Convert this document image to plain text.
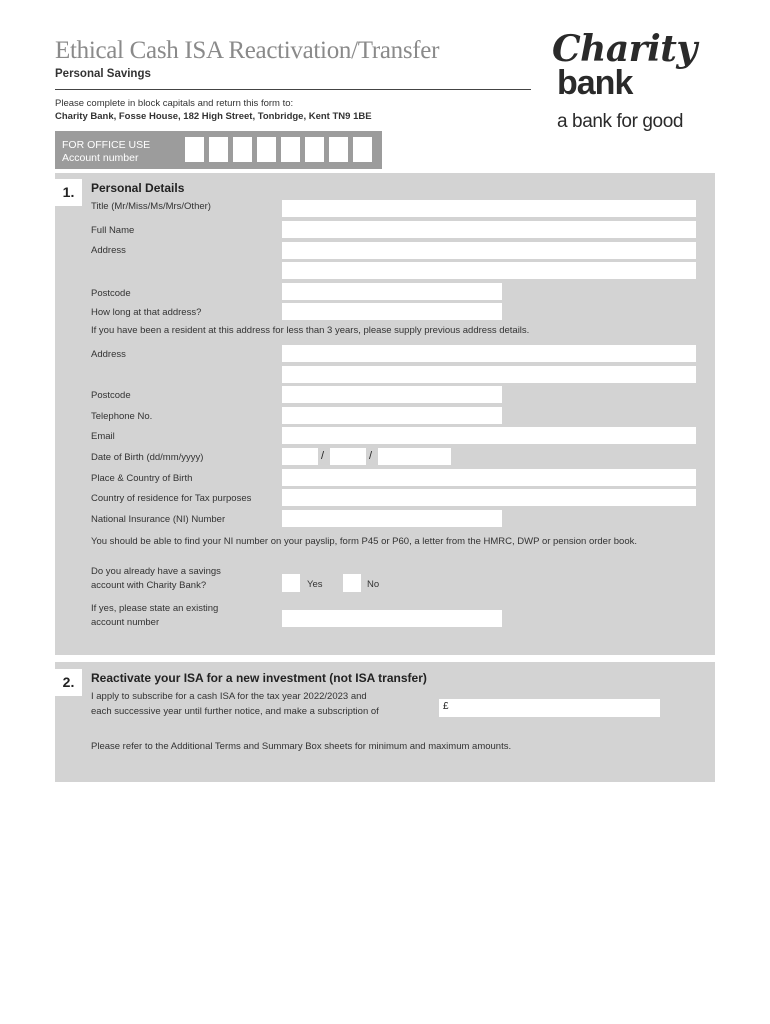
Ethical Cash ISA Reactivation/Transfer
Personal Savings
Please complete in block capitals and return this form to:
Charity Bank, Fosse House, 182 High Street, Tonbridge, Kent TN9 1BE
Charity
bank
a bank for good
FOR OFFICE USE
Account number
1.	Personal Details
Title (Mr/Miss/Ms/Mrs/Other)
Full Name
Address
Postcode
How long at that address?
If you have been a resident at this address for less than 3 years, please supply previous address details.
Address
Postcode
Telephone No.
Email
Date of Birth (dd/mm/yyyy)	/	/
Place & Country of Birth
Country of residence for Tax purposes
National Insurance (NI) Number
You should be able to find your NI number on your payslip, form P45 or P60, a letter from the HMRC, DWP or pension order book.
Do you already have a savings
account with Charity Bank?	Yes	No
If yes, please state an existing
account number
2.	Reactivate your ISA for a new investment (not ISA transfer)
I apply to subscribe for a cash ISA for the tax year 2022/2023 and
each successive year until further notice, and make a subscription of	£
Please refer to the Additional Terms and Summary Box sheets for minimum and maximum amounts.
